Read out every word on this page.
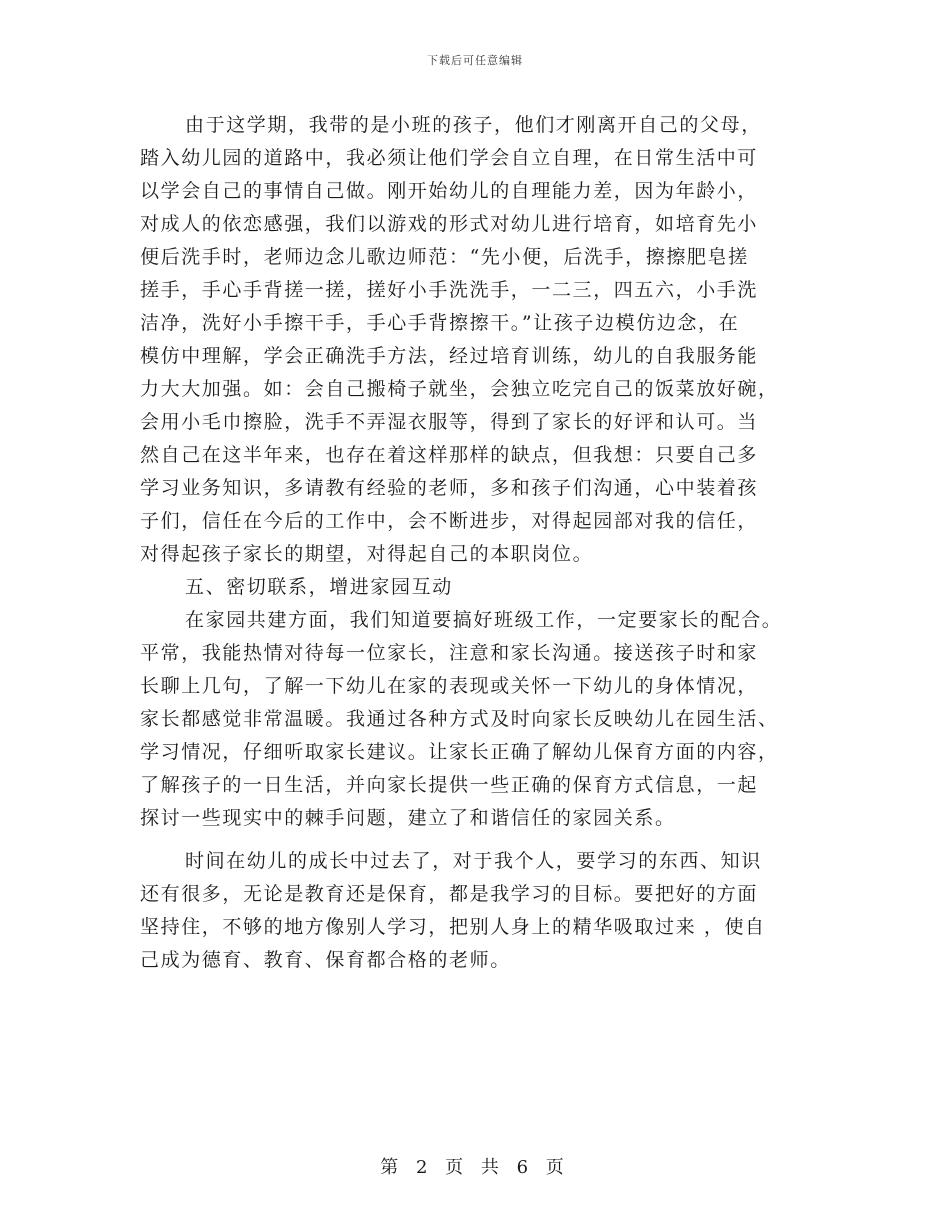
下载后可任意编辑
由于这学期，我带的是小班的孩子，他们才刚离开自己的父母，
踏入幼儿园的道路中，我必须让他们学会自立自理，在日常生活中可
以学会自己的事情自己做。刚开始幼儿的自理能力差，因为年龄小，
对成人的依恋感强，我们以游戏的形式对幼儿进行培育，如培育先小
便后洗手时，老师边念儿歌边师范：“先小便，后洗手，擦擦肥皂搓
搓手，手心手背搓一搓，搓好小手洗洗手，一二三，四五六，小手洗
洁净，洗好小手擦干手，手心手背擦擦干。”让孩子边模仿边念，在
模仿中理解，学会正确洗手方法，经过培育训练，幼儿的自我服务能
力大大加强。如：会自己搬椅子就坐，会独立吃完自己的饭菜放好碗，
会用小毛巾擦脸，洗手不弄湿衣服等，得到了家长的好评和认可。当
然自己在这半年来，也存在着这样那样的缺点，但我想：只要自己多
学习业务知识，多请教有经验的老师，多和孩子们沟通，心中装着孩
子们，信任在今后的工作中，会不断进步，对得起园部对我的信任，
对得起孩子家长的期望，对得起自己的本职岗位。
五、密切联系，增进家园互动
在家园共建方面，我们知道要搞好班级工作，一定要家长的配合。
平常，我能热情对待每一位家长，注意和家长沟通。接送孩子时和家
长聊上几句，了解一下幼儿在家的表现或关怀一下幼儿的身体情况，
家长都感觉非常温暖。我通过各种方式及时向家长反映幼儿在园生活、
学习情况，仔细听取家长建议。让家长正确了解幼儿保育方面的内容，
了解孩子的一日生活，并向家长提供一些正确的保育方式信息，一起
探讨一些现实中的棘手问题，建立了和谐信任的家园关系。
时间在幼儿的成长中过去了，对于我个人，要学习的东西、知识
还有很多，无论是教育还是保育，都是我学习的目标。要把好的方面
坚持住，不够的地方像别人学习，把别人身上的精华吸取过来 ，使自
己成为德育、教育、保育都合格的老师。
第 2 页 共 6 页
